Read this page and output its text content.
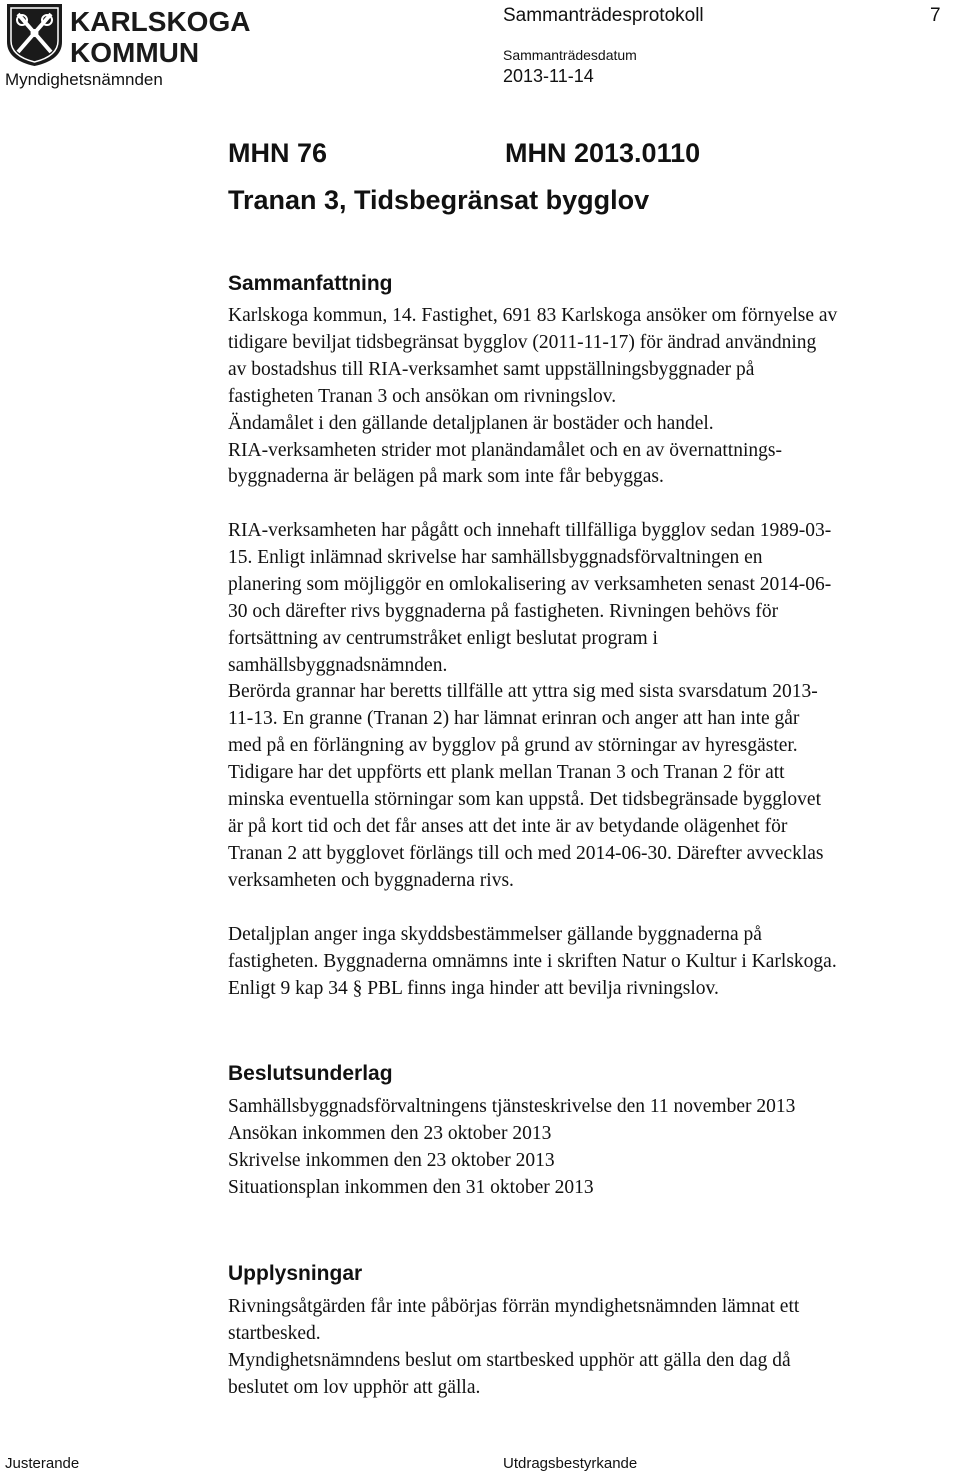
KARLSKOGA
KOMMUN
Myndighetsnämnden
Sammanträdesprotokoll	7
Sammanträdesdatum
2013-11-14
MHN 76	MHN 2013.0110
Tranan 3, Tidsbegränsat bygglov
Sammanfattning

Karlskoga kommun, 14. Fastighet, 691 83 Karlskoga ansöker om förnyelse av
tidigare beviljat tidsbegränsat bygglov (2011-11-17) för ändrad användning
av bostadshus till RIA-verksamhet samt uppställningsbyggnader på
fastigheten Tranan 3 och ansökan om rivningslov.
Ändamålet i den gällande detaljplanen är bostäder och handel.
RIA-verksamheten strider mot planändamålet och en av övernattnings-
byggnaderna är belägen på mark som inte får bebyggas.

RIA-verksamheten har pågått och innehaft tillfälliga bygglov sedan 1989-03-
15. Enligt inlämnad skrivelse har samhällsbyggnadsförvaltningen en
planering som möjliggör en omlokalisering av verksamheten senast 2014-06-
30 och därefter rivs byggnaderna på fastigheten. Rivningen behövs för
fortsättning av centrumstråket enligt beslutat program i
samhällsbyggnadsnämnden.
Berörda grannar har beretts tillfälle att yttra sig med sista svarsdatum 2013-
11-13. En granne (Tranan 2) har lämnat erinran och anger att han inte går
med på en förlängning av bygglov på grund av störningar av hyresgäster.
Tidigare har det uppförts ett plank mellan Tranan 3 och Tranan 2 för att
minska eventuella störningar som kan uppstå. Det tidsbegränsade bygglovet
är på kort tid och det får anses att det inte är av betydande olägenhet för
Tranan 2 att bygglovet förlängs till och med 2014-06-30. Därefter avvecklas
verksamheten och byggnaderna rivs.

Detaljplan anger inga skyddsbestämmelser gällande byggnaderna på
fastigheten. Byggnaderna omnämns inte i skriften Natur o Kultur i Karlskoga.
Enligt 9 kap 34 § PBL finns inga hinder att bevilja rivningslov.

Beslutsunderlag

Samhällsbyggnadsförvaltningens tjänsteskrivelse den 11 november 2013
Ansökan inkommen den 23 oktober 2013
Skrivelse inkommen den 23 oktober 2013
Situationsplan inkommen den 31 oktober 2013

Upplysningar

Rivningsåtgärden får inte påbörjas förrän myndighetsnämnden lämnat ett
startbesked.
Myndighetsnämndens beslut om startbesked upphör att gälla den dag då
beslutet om lov upphör att gälla.

Justerande	Utdragsbestyrkande
